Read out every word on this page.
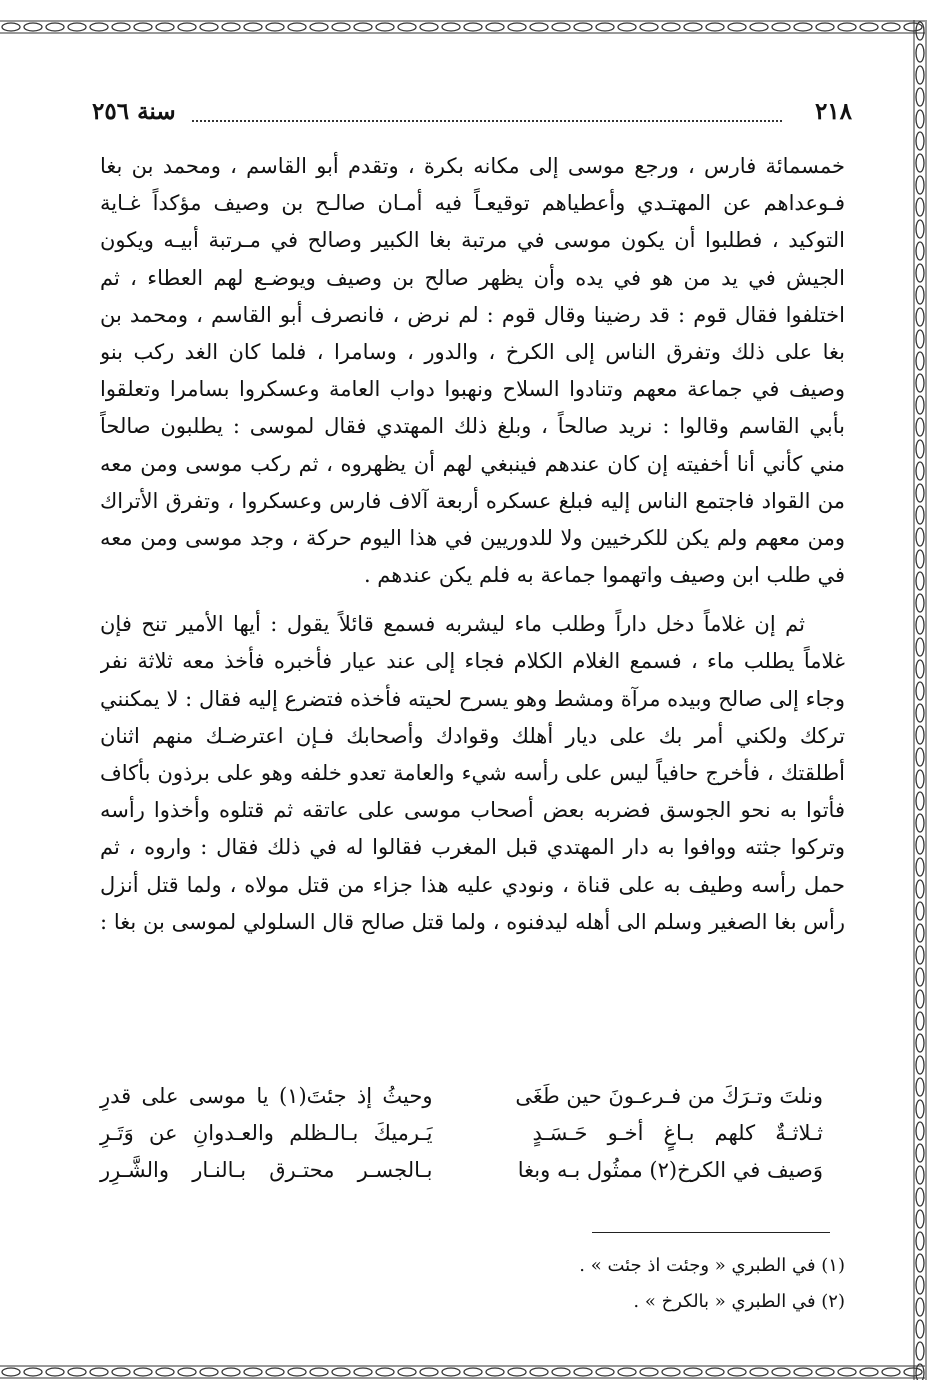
٢١٨
سنة ٢٥٦

خمسمائة فارس ، ورجع موسى إلى مكانه بكرة ، وتقدم أبو القاسم ، ومحمد بن بغا
فـوعداهم عن المهتـدي وأعطياهم توقيعـاً فيه أمـان صالـح بن وصيف مؤكداً غـاية
التوكيد ، فطلبوا أن يكون موسى في مرتبة بغا الكبير وصالح في مـرتبة أبيـه ويكون
الجيش في يد من هو في يده وأن يظهر صالح بن وصيف ويوضـع لهم العطاء ، ثم
اختلفوا فقال قوم : قد رضينا وقال قوم : لم نرض ، فانصرف أبو القاسم ، ومحمد بن
بغا على ذلك وتفرق الناس إلى الكرخ ، والدور ، وسامرا ، فلما كان الغد ركب بنو
وصيف في جماعة معهم وتنادوا السلاح ونهبوا دواب العامة وعسكروا بسامرا وتعلقوا
بأبي القاسم وقالوا : نريد صالحاً ، وبلغ ذلك المهتدي فقال لموسى : يطلبون صالحاً
مني كأني أنا أخفيته إن كان عندهم فينبغي لهم أن يظهروه ، ثم ركب موسى ومن معه
من القواد فاجتمع الناس إليه فبلغ عسكره أربعة آلاف فارس وعسكروا ، وتفرق الأتراك
ومن معهم ولم يكن للكرخيين ولا للدوريين في هذا اليوم حركة ، وجد موسى ومن معه
في طلب ابن وصيف واتهموا جماعة به فلم يكن عندهم .

ثم إن غلاماً دخل داراً وطلب ماء ليشربه فسمع قائلاً يقول : أيها الأمير تنح فإن
غلاماً يطلب ماء ، فسمع الغلام الكلام فجاء إلى عند عيار فأخبره فأخذ معه ثلاثة نفر
وجاء إلى صالح وبيده مرآة ومشط وهو يسرح لحيته فأخذه فتضرع إليه فقال : لا يمكنني
تركك ولكني أمر بك على ديار أهلك وقوادك وأصحابك فـإن اعترضـك منهم اثنان
أطلقتك ، فأخرج حافياً ليس على رأسه شيء والعامة تعدو خلفه وهو على برذون بأكاف
فأتوا به نحو الجوسق فضربه بعض أصحاب موسى على عاتقه ثم قتلوه وأخذوا رأسه
وتركوا جثته ووافوا به دار المهتدي قبل المغرب فقالوا له في ذلك فقال : واروه ، ثم
حمل رأسه وطيف به على قناة ، ونودي عليه هذا جزاء من قتل مولاه ، ولما قتل أنزل
رأس بغا الصغير وسلم الى أهله ليدفنوه ، ولما قتل صالح قال السلولي لموسى بن بغا :

ونلتَ وتـرَكَ من فـرعـونَ حين طَغَى
وحيثُ إذ جئتَ(١) يا موسى على قدرِ
ثـلاثـةٌ كلهم بـاغٍ أخـو حَـسَـدٍ
يَـرميكَ بـالـظلم والعـدوانِ عن وَتَـرِ
وَصيف في الكرخ(٢) ممثُول بـه وبغا
بـالجسـر محتـرق بـالنـار والشَّـرِر
(١) في الطبري « وجئت اذ جئت » .
(٢) في الطبري « بالكرخ » .
